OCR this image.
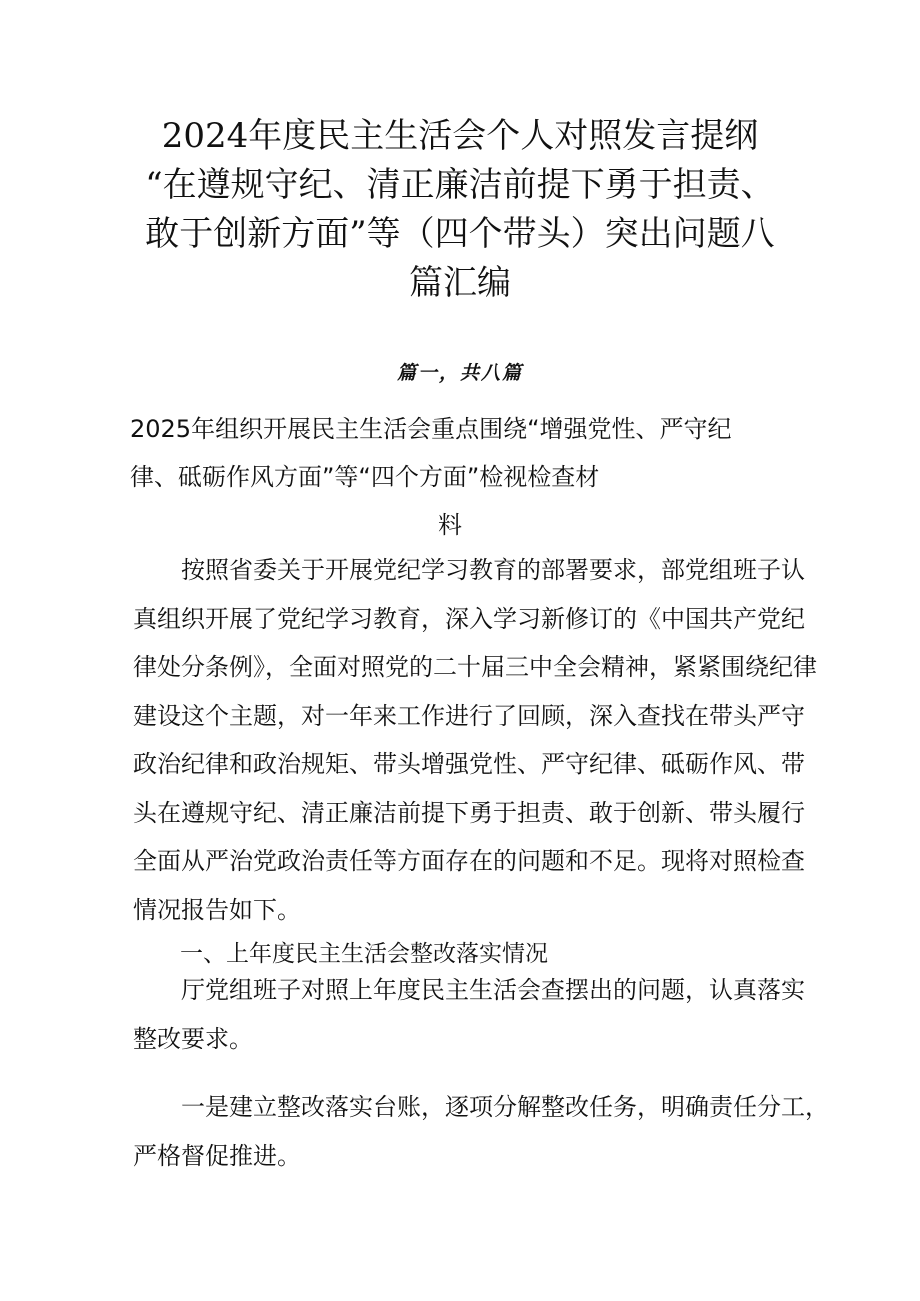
2024年度民主生活会个人对照发言提纲
“在遵规守纪、清正廉洁前提下勇于担责、
敢于创新方面”等（四个带头）突出问题八
篇汇编
篇一，共八篇
2025年组织开展民主生活会重点围绕“增强党性、严守纪
律、砥砺作风方面”等“四个方面”检视检查材
料
按照省委关于开展党纪学习教育的部署要求，部党组班子认
真组织开展了党纪学习教育，深入学习新修订的《中国共产党纪
律处分条例》，全面对照党的二十届三中全会精神，紧紧围绕纪律
建设这个主题，对一年来工作进行了回顾，深入查找在带头严守
政治纪律和政治规矩、带头增强党性、严守纪律、砥砺作风、带
头在遵规守纪、清正廉洁前提下勇于担责、敢于创新、带头履行
全面从严治党政治责任等方面存在的问题和不足。现将对照检查
情况报告如下。
一、上年度民主生活会整改落实情况
厅党组班子对照上年度民主生活会查摆出的问题，认真落实
整改要求。
一是建立整改落实台账，逐项分解整改任务，明确责任分工，
严格督促推进。
